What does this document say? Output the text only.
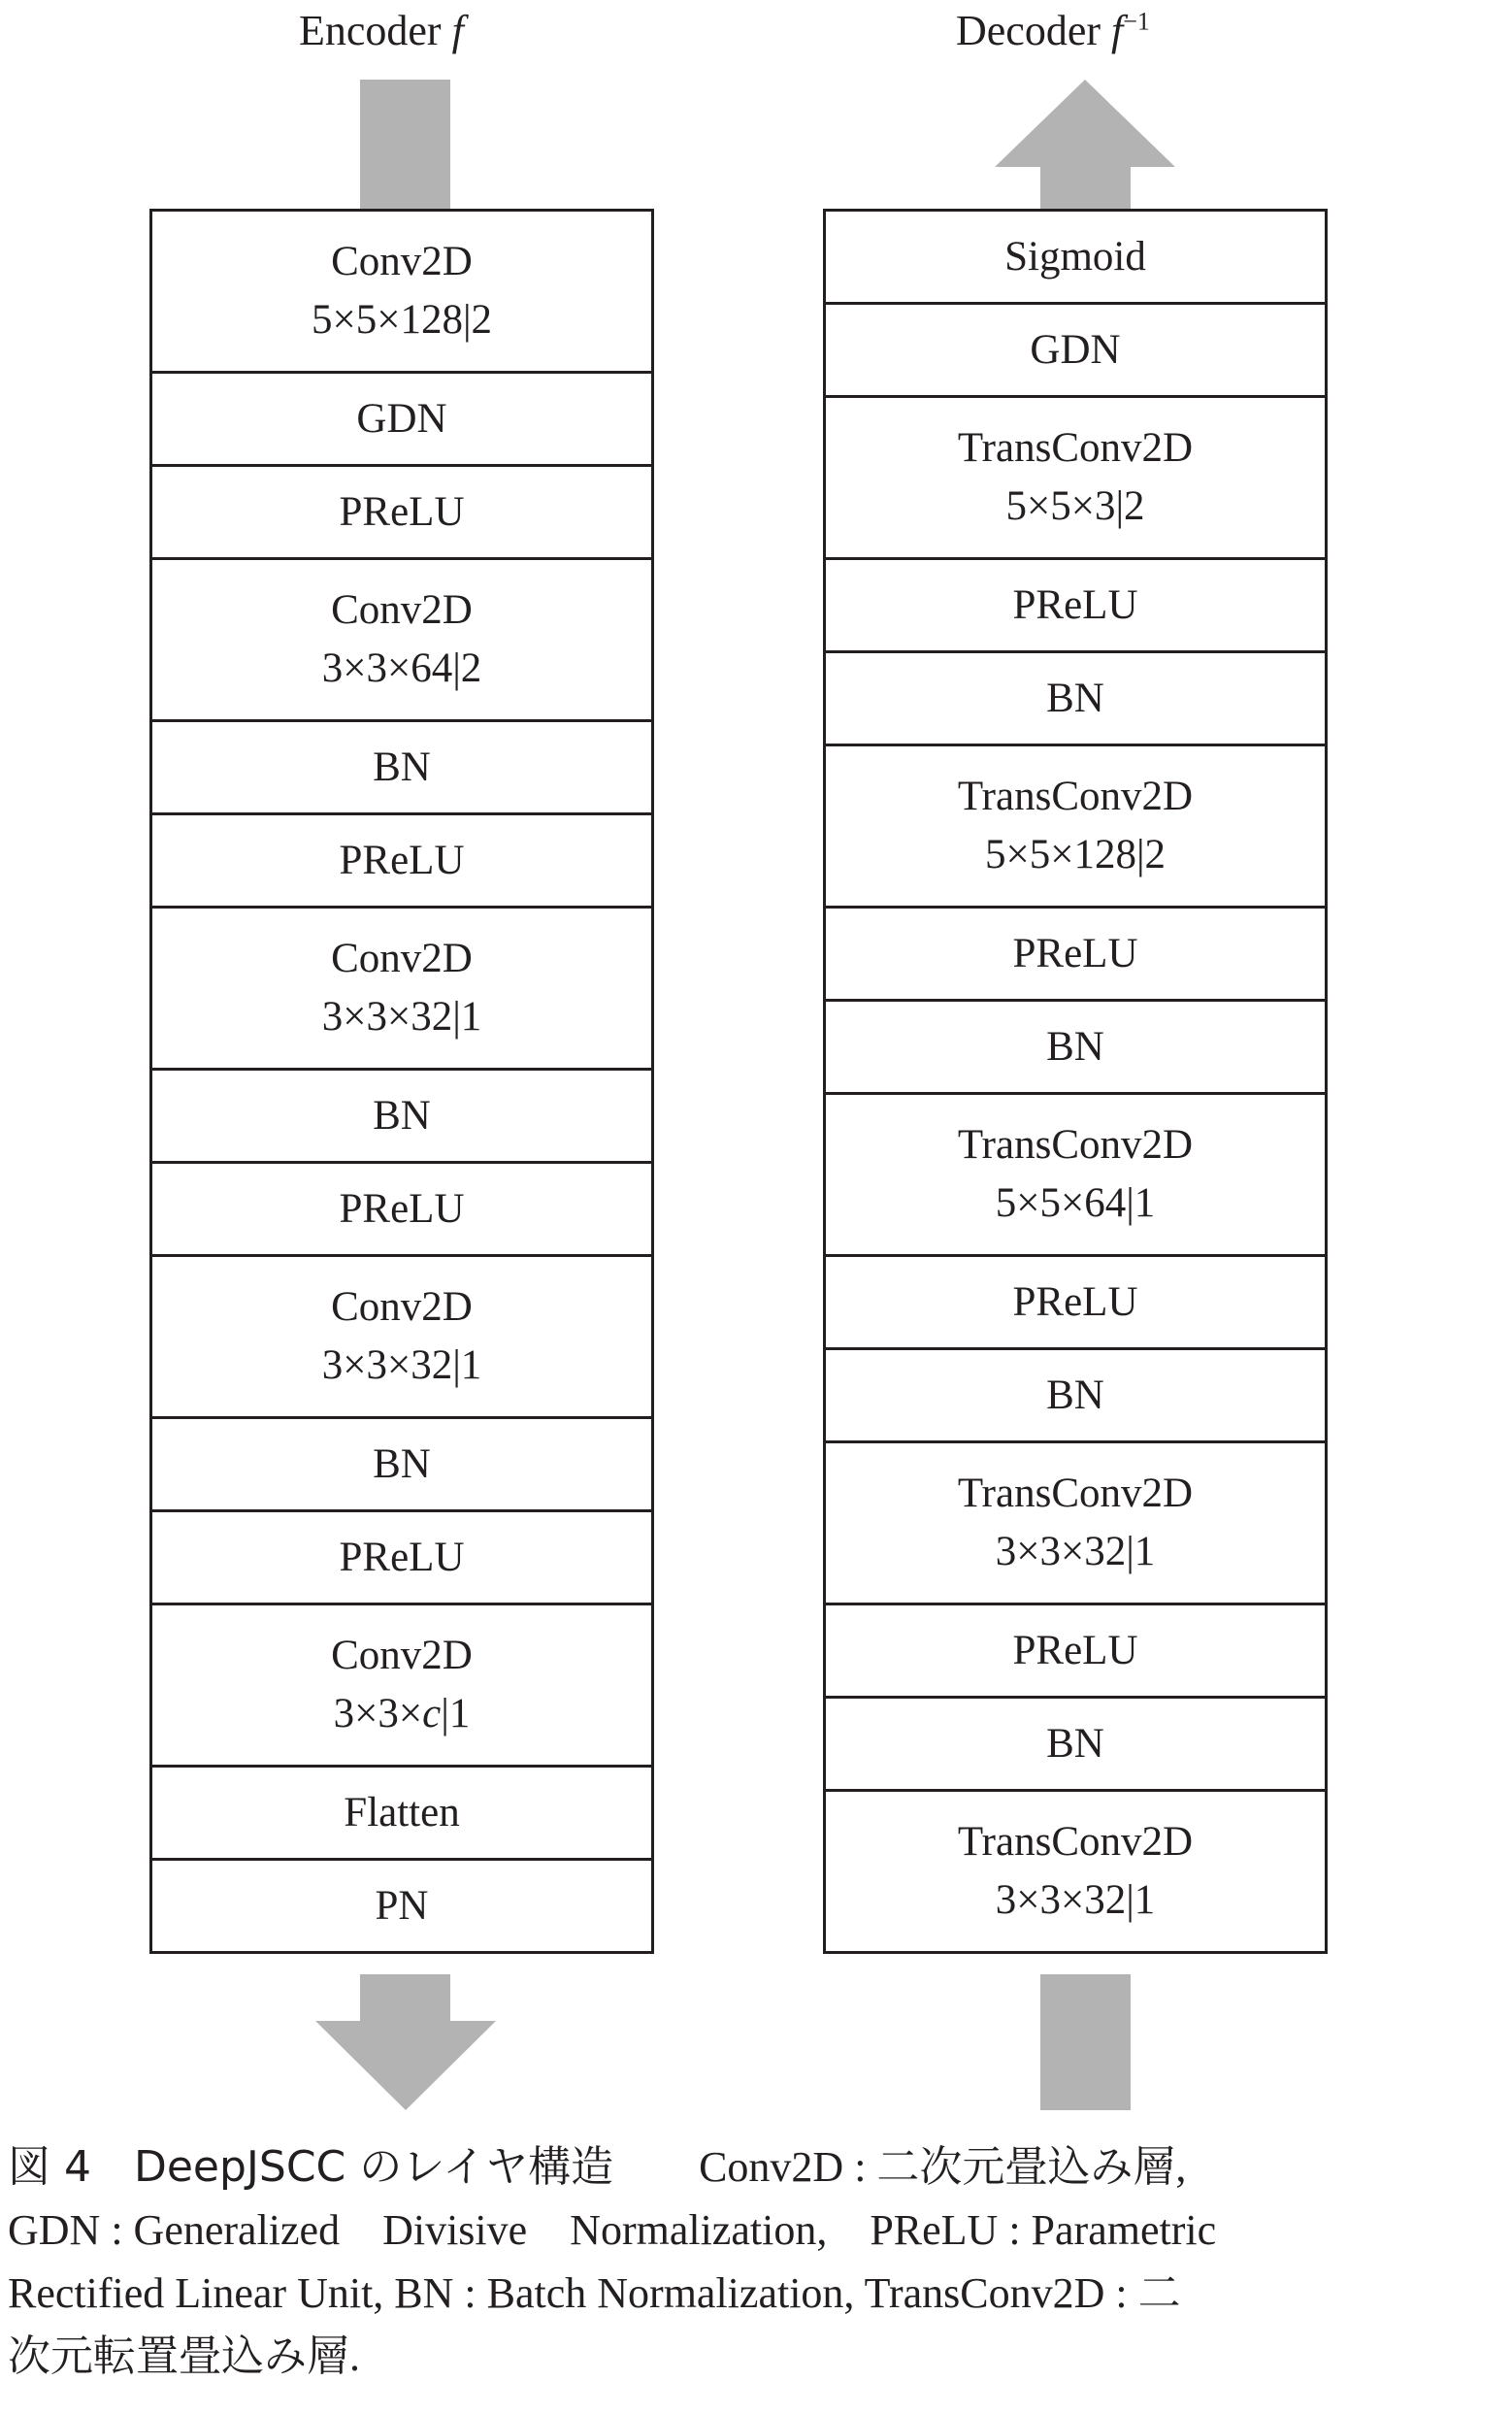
Encoder f	Decoder $f^{-1}$
Conv2D
5×5×128|2
GDN
PReLU
Conv2D
3×3×64|2
BN
PReLU
Conv2D
3×3×32|1
BN
PReLU
Conv2D
3×3×32|1
BN
PReLU
Conv2D
3×3×c|1
Flatten
PN
Sigmoid
GDN
TransConv2D
5×5×3|2
PReLU
BN
TransConv2D
5×5×128|2
PReLU
BN
TransConv2D
5×5×64|1
PReLU
BN
TransConv2D
3×3×32|1
PReLU
BN
TransConv2D
3×3×32|1

図 4　DeepJSCC のレイヤ構造　　Conv2D : 二次元畳込み層,

GDN : Generalized　Divisive　Normalization,　PReLU : Parametric

Rectified Linear Unit, BN : Batch Normalization, TransConv2D : 二

次元転置畳込み層.
